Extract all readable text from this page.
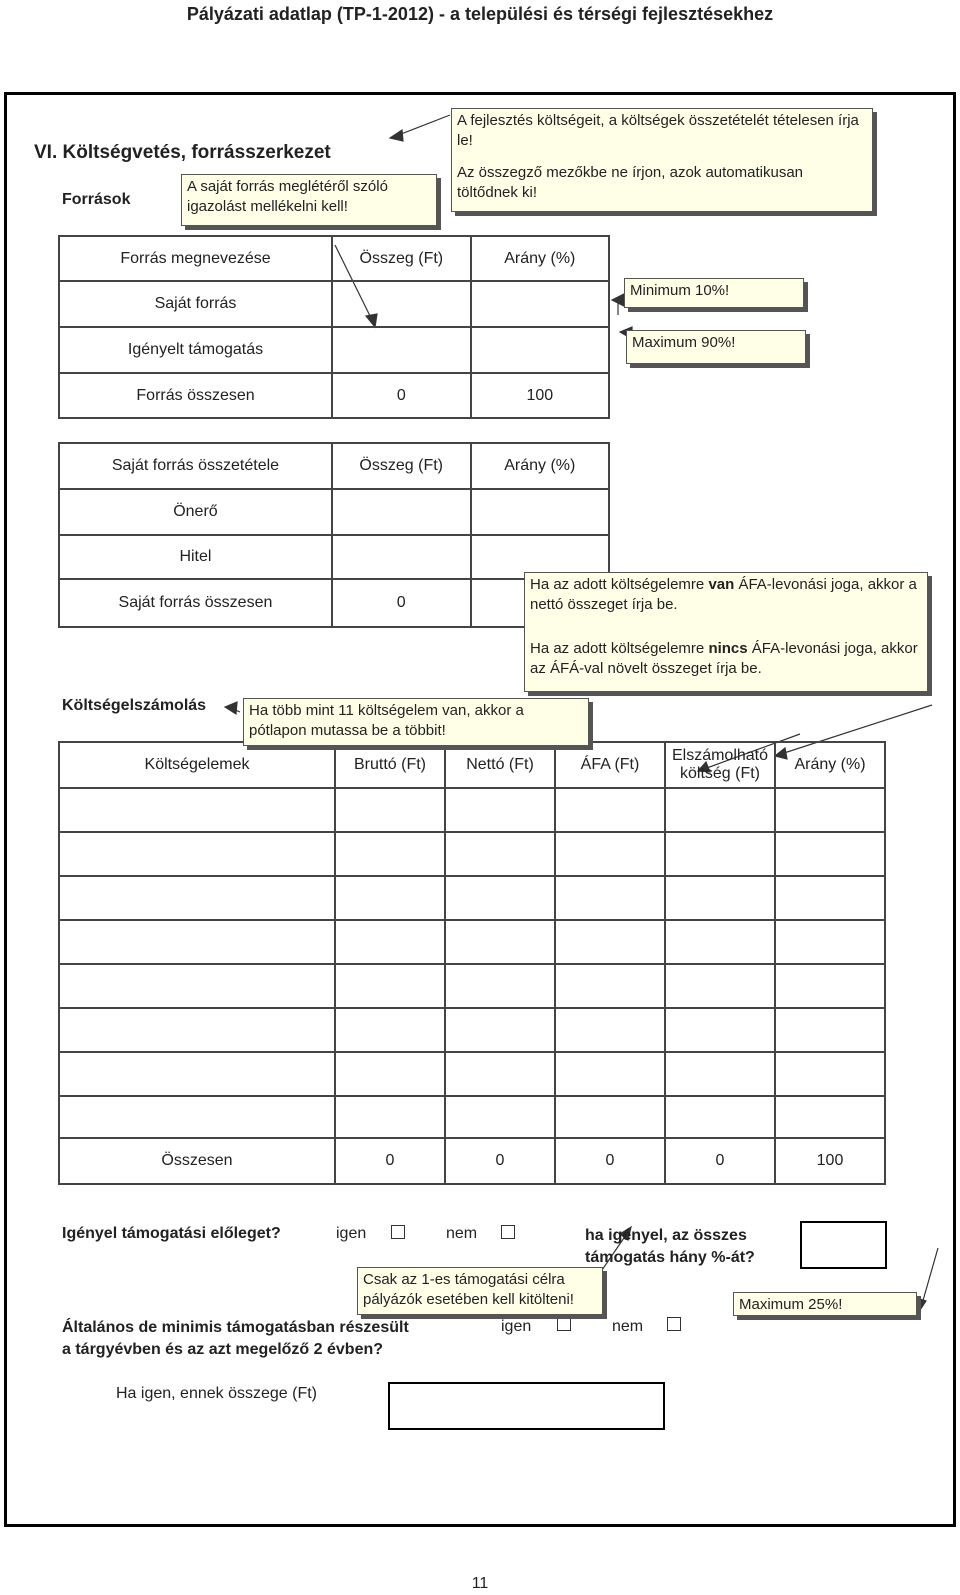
Pályázati adatlap (TP-1-2012) - a települési és térségi fejlesztésekhez
VI. Költségvetés, forrásszerkezet
Források
A saját forrás meglétéről szóló igazolást mellékelni kell!
A fejlesztés költségeit, a költségek összetételét tételesen írja le!
Az összegző mezőkbe ne írjon, azok automatikusan töltődnek ki!
Forrás megnevezése	Összeg (Ft)	Arány (%)
Saját forrás		
Igényelt támogatás		
Forrás összesen	0	100
Minimum 10%!
Maximum 90%!
Saját forrás összetétele	Összeg (Ft)	Arány (%)
Önerő		
Hitel		
Saját forrás összesen	0	
Ha az adott költségelemre van ÁFA-levonási joga, akkor a nettó összeget írja be.
Ha az adott költségelemre nincs ÁFA-levonási joga, akkor az ÁFÁ-val növelt összeget írja be.
Költségelszámolás	Ha több mint 11 költségelem van, akkor a pótlapon mutassa be a többit!
Költségelemek	Bruttó (Ft)	Nettó (Ft)	ÁFA (Ft)	Elszámolható költség (Ft)	Arány (%)

Összesen	0	0	0	0	100
Igényel támogatási előleget?	igen	nem	ha igényel, az összes támogatás hány %-át?
Csak az 1-es támogatási célra pályázók esetében kell kitölteni!	Maximum 25%!
Általános de minimis támogatásban részesült a tárgyévben és az azt megelőző 2 évben?
igen	nem
Ha igen, ennek összege (Ft)
11
